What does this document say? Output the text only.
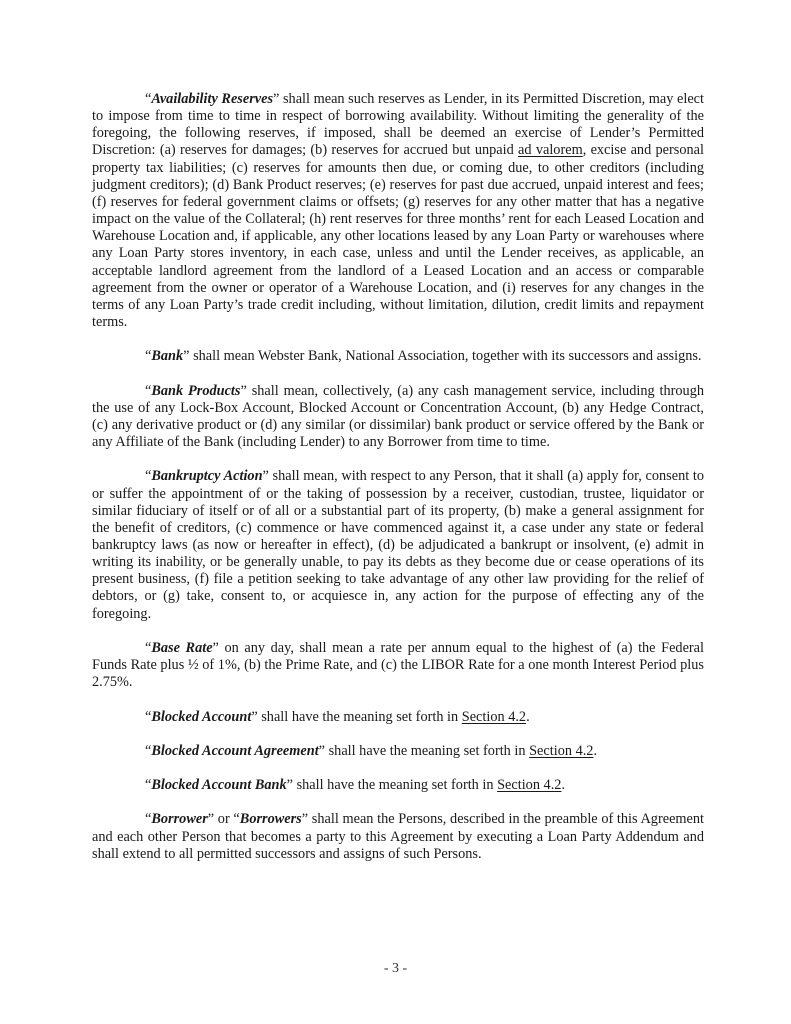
“Availability Reserves” shall mean such reserves as Lender, in its Permitted Discretion, may elect to impose from time to time in respect of borrowing availability. Without limiting the generality of the foregoing, the following reserves, if imposed, shall be deemed an exercise of Lender’s Permitted Discretion: (a) reserves for damages; (b) reserves for accrued but unpaid ad valorem, excise and personal property tax liabilities; (c) reserves for amounts then due, or coming due, to other creditors (including judgment creditors); (d) Bank Product reserves; (e) reserves for past due accrued, unpaid interest and fees; (f) reserves for federal government claims or offsets; (g) reserves for any other matter that has a negative impact on the value of the Collateral; (h) rent reserves for three months’ rent for each Leased Location and Warehouse Location and, if applicable, any other locations leased by any Loan Party or warehouses where any Loan Party stores inventory, in each case, unless and until the Lender receives, as applicable, an acceptable landlord agreement from the landlord of a Leased Location and an access or comparable agreement from the owner or operator of a Warehouse Location, and (i) reserves for any changes in the terms of any Loan Party’s trade credit including, without limitation, dilution, credit limits and repayment terms.

“Bank” shall mean Webster Bank, National Association, together with its successors and assigns.

“Bank Products” shall mean, collectively, (a) any cash management service, including through the use of any Lock-Box Account, Blocked Account or Concentration Account, (b) any Hedge Contract, (c) any derivative product or (d) any similar (or dissimilar) bank product or service offered by the Bank or any Affiliate of the Bank (including Lender) to any Borrower from time to time.

“Bankruptcy Action” shall mean, with respect to any Person, that it shall (a) apply for, consent to or suffer the appointment of or the taking of possession by a receiver, custodian, trustee, liquidator or similar fiduciary of itself or of all or a substantial part of its property, (b) make a general assignment for the benefit of creditors, (c) commence or have commenced against it, a case under any state or federal bankruptcy laws (as now or hereafter in effect), (d) be adjudicated a bankrupt or insolvent, (e) admit in writing its inability, or be generally unable, to pay its debts as they become due or cease operations of its present business, (f) file a petition seeking to take advantage of any other law providing for the relief of debtors, or (g) take, consent to, or acquiesce in, any action for the purpose of effecting any of the foregoing.

“Base Rate” on any day, shall mean a rate per annum equal to the highest of (a) the Federal Funds Rate plus ½ of 1%, (b) the Prime Rate, and (c) the LIBOR Rate for a one month Interest Period plus 2.75%.

“Blocked Account” shall have the meaning set forth in Section 4.2.

“Blocked Account Agreement” shall have the meaning set forth in Section 4.2.

“Blocked Account Bank” shall have the meaning set forth in Section 4.2.

“Borrower” or “Borrowers” shall mean the Persons, described in the preamble of this Agreement and each other Person that becomes a party to this Agreement by executing a Loan Party Addendum and shall extend to all permitted successors and assigns of such Persons.

- 3 -
